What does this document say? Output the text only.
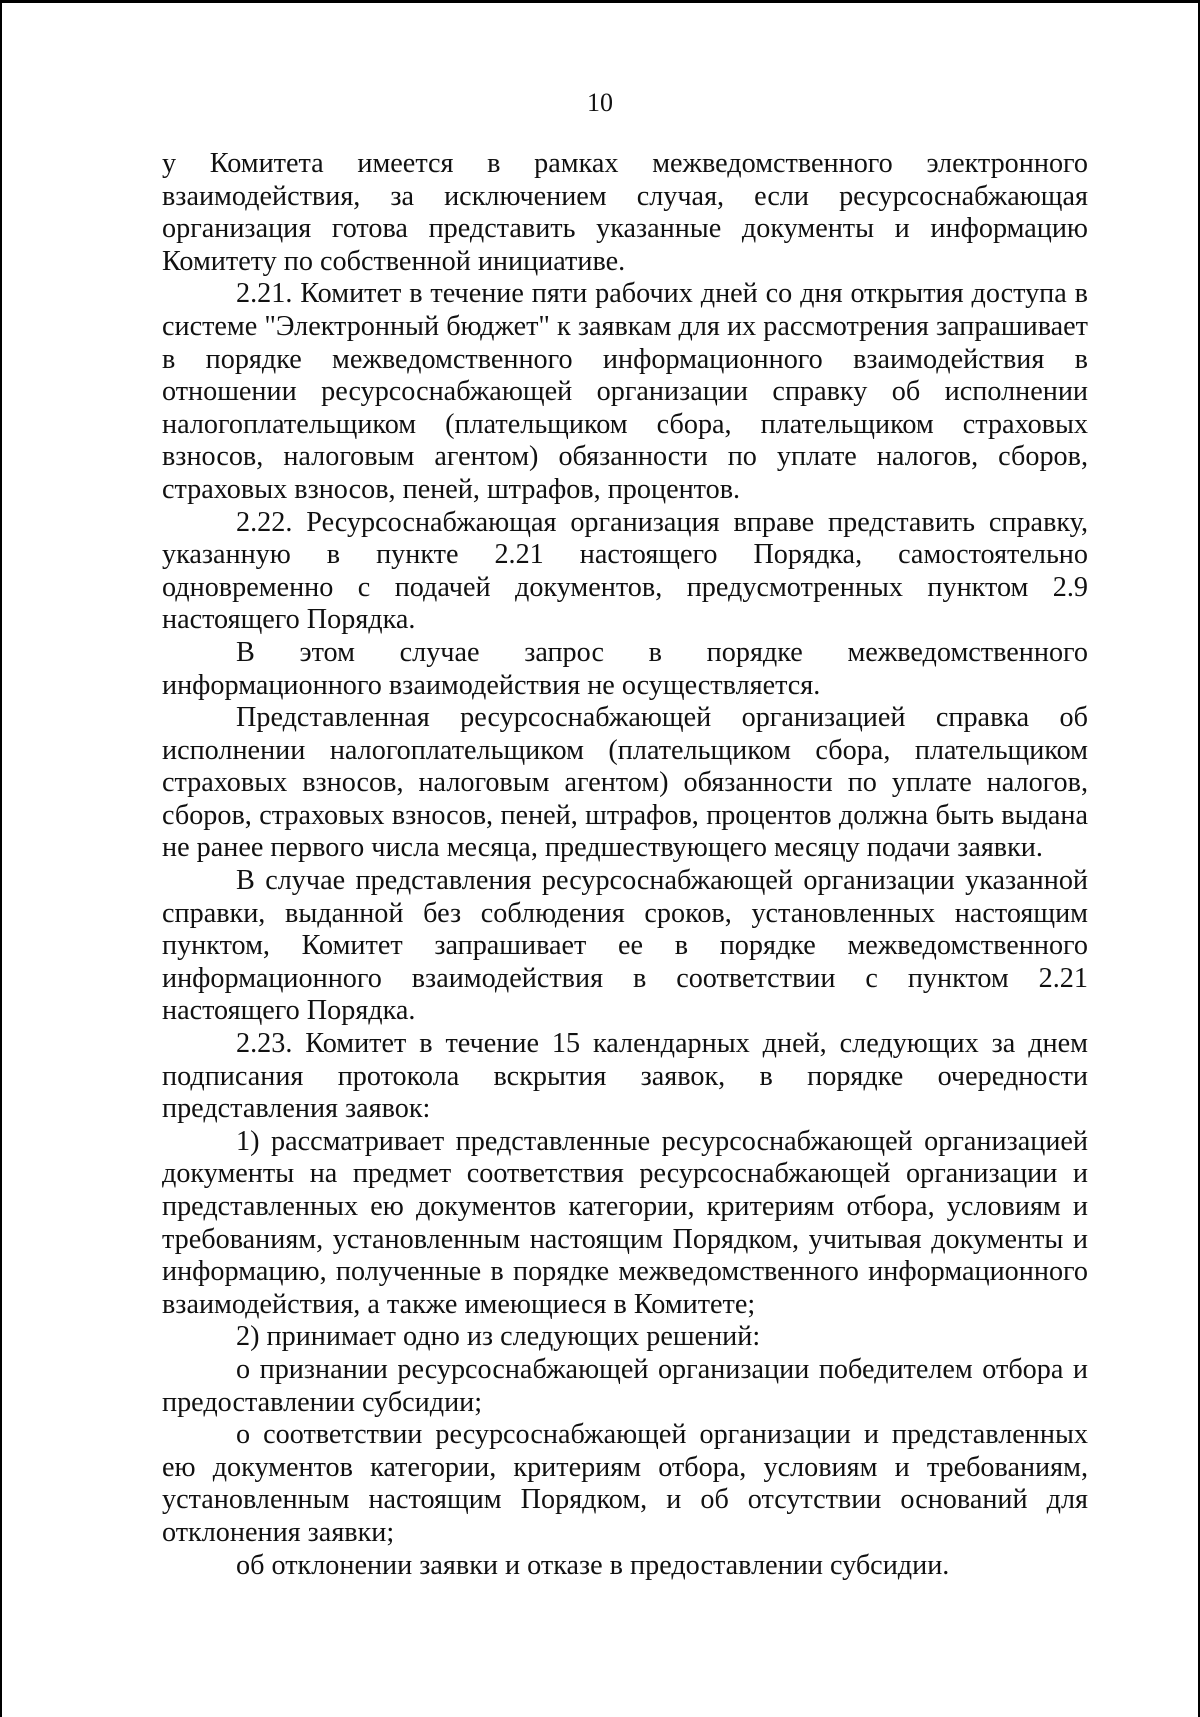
10

у Комитета имеется в рамках межведомственного электронного взаимодействия, за исключением случая, если ресурсоснабжающая организация готова представить указанные документы и информацию Комитету по собственной инициативе.

2.21. Комитет в течение пяти рабочих дней со дня открытия доступа в системе "Электронный бюджет" к заявкам для их рассмотрения запрашивает в порядке межведомственного информационного взаимодействия в отношении ресурсоснабжающей организации справку об исполнении налогоплательщиком (плательщиком сбора, плательщиком страховых взносов, налоговым агентом) обязанности по уплате налогов, сборов, страховых взносов, пеней, штрафов, процентов.

2.22. Ресурсоснабжающая организация вправе представить справку, указанную в пункте 2.21 настоящего Порядка, самостоятельно одновременно с подачей документов, предусмотренных пунктом 2.9 настоящего Порядка.

В этом случае запрос в порядке межведомственного информационного взаимодействия не осуществляется.

Представленная ресурсоснабжающей организацией справка об исполнении налогоплательщиком (плательщиком сбора, плательщиком страховых взносов, налоговым агентом) обязанности по уплате налогов, сборов, страховых взносов, пеней, штрафов, процентов должна быть выдана не ранее первого числа месяца, предшествующего месяцу подачи заявки.

В случае представления ресурсоснабжающей организации указанной справки, выданной без соблюдения сроков, установленных настоящим пунктом, Комитет запрашивает ее в порядке межведомственного информационного взаимодействия в соответствии с пунктом 2.21 настоящего Порядка.

2.23. Комитет в течение 15 календарных дней, следующих за днем подписания протокола вскрытия заявок, в порядке очередности представления заявок:

1) рассматривает представленные ресурсоснабжающей организацией документы на предмет соответствия ресурсоснабжающей организации и представленных ею документов категории, критериям отбора, условиям и требованиям, установленным настоящим Порядком, учитывая документы и информацию, полученные в порядке межведомственного информационного взаимодействия, а также имеющиеся в Комитете;

2) принимает одно из следующих решений:

о признании ресурсоснабжающей организации победителем отбора и предоставлении субсидии;

о соответствии ресурсоснабжающей организации и представленных ею документов категории, критериям отбора, условиям и требованиям, установленным настоящим Порядком, и об отсутствии оснований для отклонения заявки;

об отклонении заявки и отказе в предоставлении субсидии.
